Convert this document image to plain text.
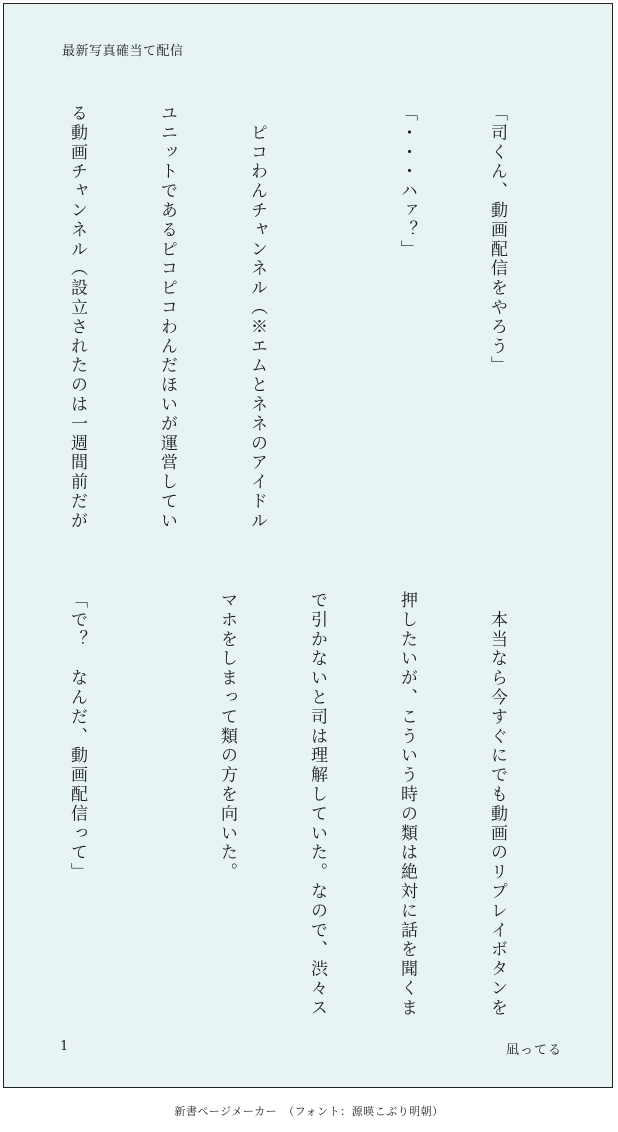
最新写真確当て配信

「司くん、動画配信をやろう」

「・・・ハァ？」

　ピコわんチャンネル（※エムとネネのアイドル

ユニットであるピコピコわんだほいが運営してい

る動画チャンネル（設立されたのは一週間前だが

　本当なら今すぐにでも動画のリプレイボタンを

押したいが、こういう時の類は絶対に話を聞くま

で引かないと司は理解していた。なので、渋々ス

マホをしまって類の方を向いた。

「で？　なんだ、動画配信って」

1	凪ってる
新書ページメーカー　（フォント：源暎こぶり明朝）
